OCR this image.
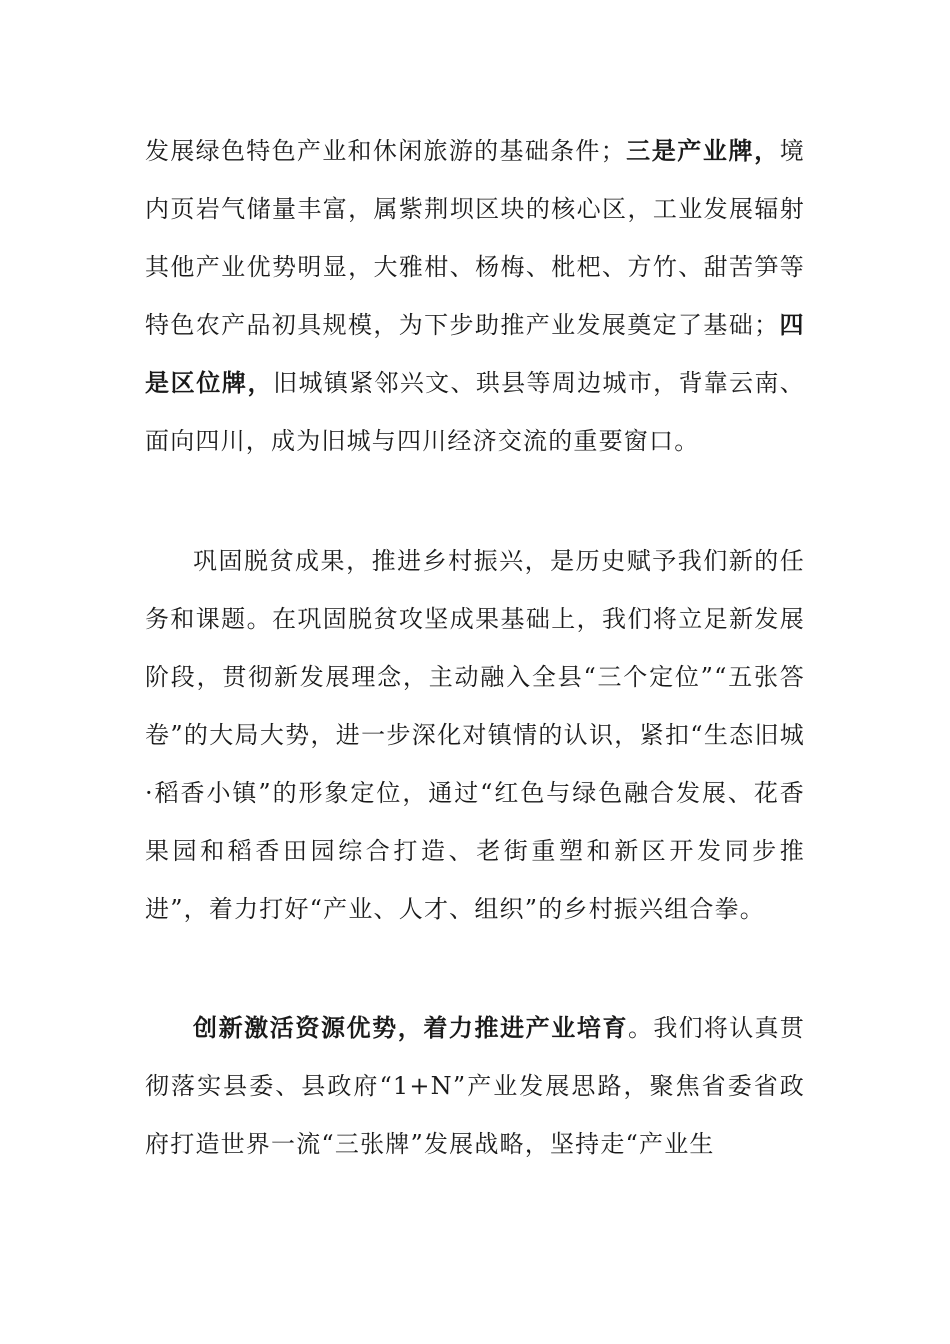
发展绿色特色产业和休闲旅游的基础条件；三是产业牌，境内页岩气储量丰富，属紫荆坝区块的核心区，工业发展辐射其他产业优势明显，大雅柑、杨梅、枇杷、方竹、甜苦笋等特色农产品初具规模，为下步助推产业发展奠定了基础；四是区位牌，旧城镇紧邻兴文、珙县等周边城市，背靠云南、面向四川，成为旧城与四川经济交流的重要窗口。

巩固脱贫成果，推进乡村振兴，是历史赋予我们新的任务和课题。在巩固脱贫攻坚成果基础上，我们将立足新发展阶段，贯彻新发展理念，主动融入全县“三个定位”“五张答卷”的大局大势，进一步深化对镇情的认识，紧扣“生态旧城·稻香小镇”的形象定位，通过“红色与绿色融合发展、花香果园和稻香田园综合打造、老街重塑和新区开发同步推进”，着力打好“产业、人才、组织”的乡村振兴组合拳。

创新激活资源优势，着力推进产业培育。我们将认真贯彻落实县委、县政府“1+N”产业发展思路，聚焦省委省政府打造世界一流“三张牌”发展战略，坚持走“产业生
